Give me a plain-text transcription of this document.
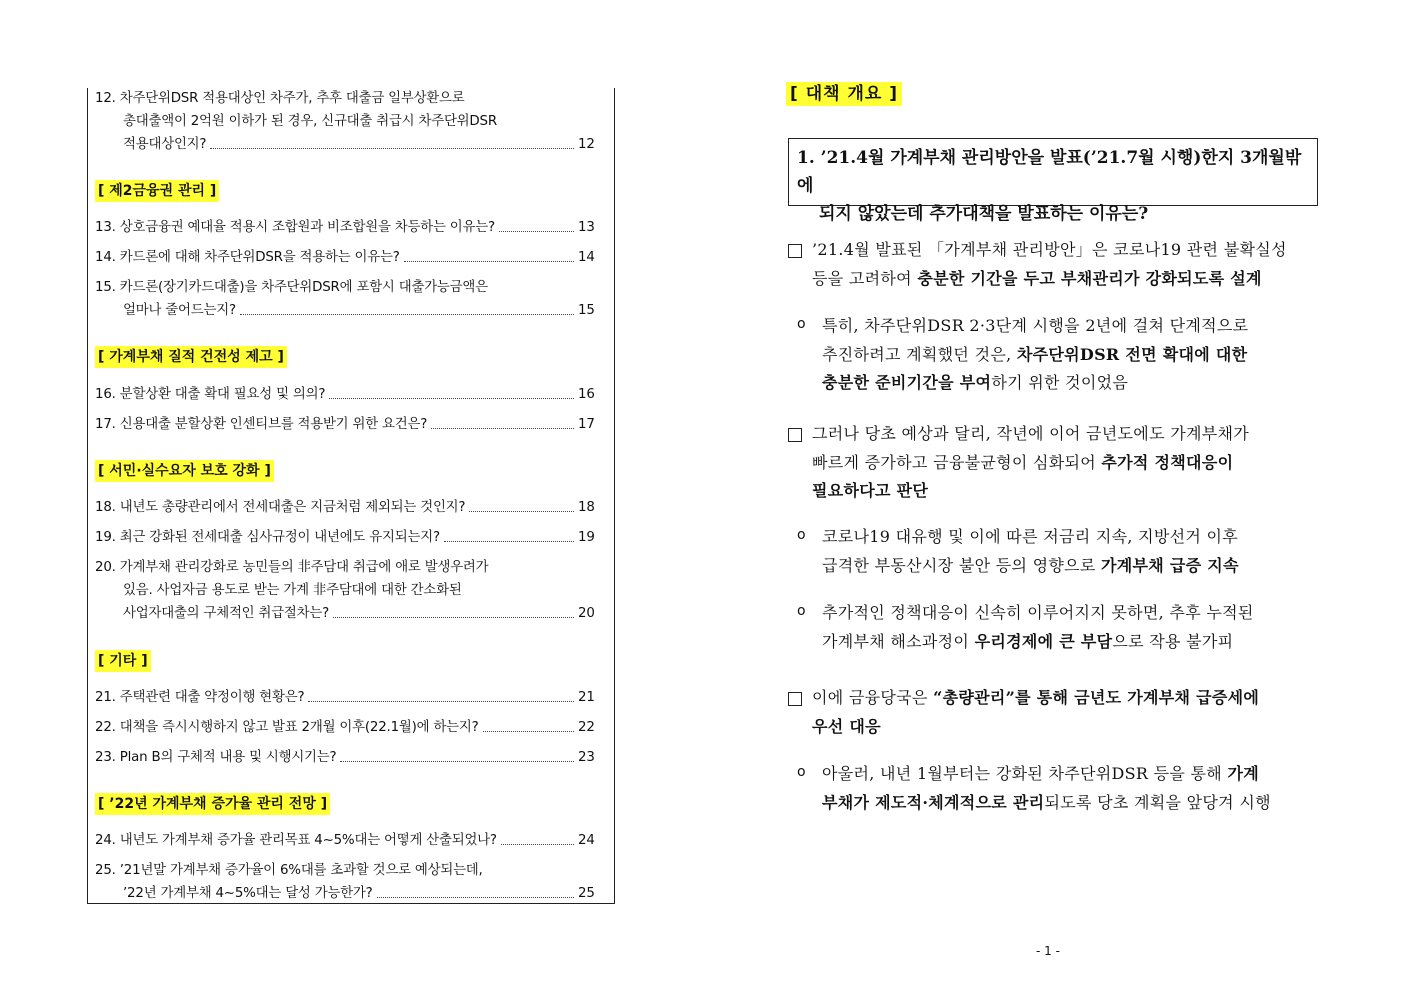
12. 차주단위DSR 적용대상인 차주가, 추후 대출금 일부상환으로
총대출액이 2억원 이하가 된 경우, 신규대출 취급시 차주단위DSR
적용대상인지?	12
[ 제2금융권 관리 ]
13. 상호금융권 예대율 적용시 조합원과 비조합원을 차등하는 이유는?	13
14. 카드론에 대해 차주단위DSR을 적용하는 이유는?	14
15. 카드론(장기카드대출)을 차주단위DSR에 포함시 대출가능금액은
얼마나 줄어드는지?	15
[ 가계부채 질적 건전성 제고 ]
16. 분할상환 대출 확대 필요성 및 의의?	16
17. 신용대출 분할상환 인센티브를 적용받기 위한 요건은?	17
[ 서민·실수요자 보호 강화 ]
18. 내년도 총량관리에서 전세대출은 지금처럼 제외되는 것인지?	18
19. 최근 강화된 전세대출 심사규정이 내년에도 유지되는지?	19
20. 가계부채 관리강화로 농민들의 非주담대 취급에 애로 발생우려가
있음. 사업자금 용도로 받는 가계 非주담대에 대한 간소화된
사업자대출의 구체적인 취급절차는?	20
[ 기타 ]
21. 주택관련 대출 약정이행 현황은?	21
22. 대책을 즉시시행하지 않고 발표 2개월 이후(22.1월)에 하는지?	22
23. Plan B의 구체적 내용 및 시행시기는?	23
[ ’22년 가계부채 증가율 관리 전망 ]
24. 내년도 가계부채 증가율 관리목표 4~5%대는 어떻게 산출되었나?	24
25. ’21년말 가계부채 증가율이 6%대를 초과할 것으로 예상되는데,
’22년 가계부채 4~5%대는 달성 가능한가?	25
[ 대책 개요 ]
1. ’21.4월 가계부채 관리방안을 발표(’21.7월 시행)한지 3개월밖에
되지 않았는데 추가대책을 발표하는 이유는?
’21.4월 발표된 「가계부채 관리방안」은 코로나19 관련 불확실성
등을 고려하여 충분한 기간을 두고 부채관리가 강화되도록 설계
o 특히, 차주단위DSR 2·3단계 시행을 2년에 걸쳐 단계적으로
추진하려고 계획했던 것은, 차주단위DSR 전면 확대에 대한
충분한 준비기간을 부여하기 위한 것이었음
그러나 당초 예상과 달리, 작년에 이어 금년도에도 가계부채가
빠르게 증가하고 금융불균형이 심화되어 추가적 정책대응이
필요하다고 판단
o 코로나19 대유행 및 이에 따른 저금리 지속, 지방선거 이후
급격한 부동산시장 불안 등의 영향으로 가계부채 급증 지속
o 추가적인 정책대응이 신속히 이루어지지 못하면, 추후 누적된
가계부채 해소과정이 우리경제에 큰 부담으로 작용 불가피
이에 금융당국은 “총량관리”를 통해 금년도 가계부채 급증세에
우선 대응
o 아울러, 내년 1월부터는 강화된 차주단위DSR 등을 통해 가계
부채가 제도적·체계적으로 관리되도록 당초 계획을 앞당겨 시행
- 1 -
